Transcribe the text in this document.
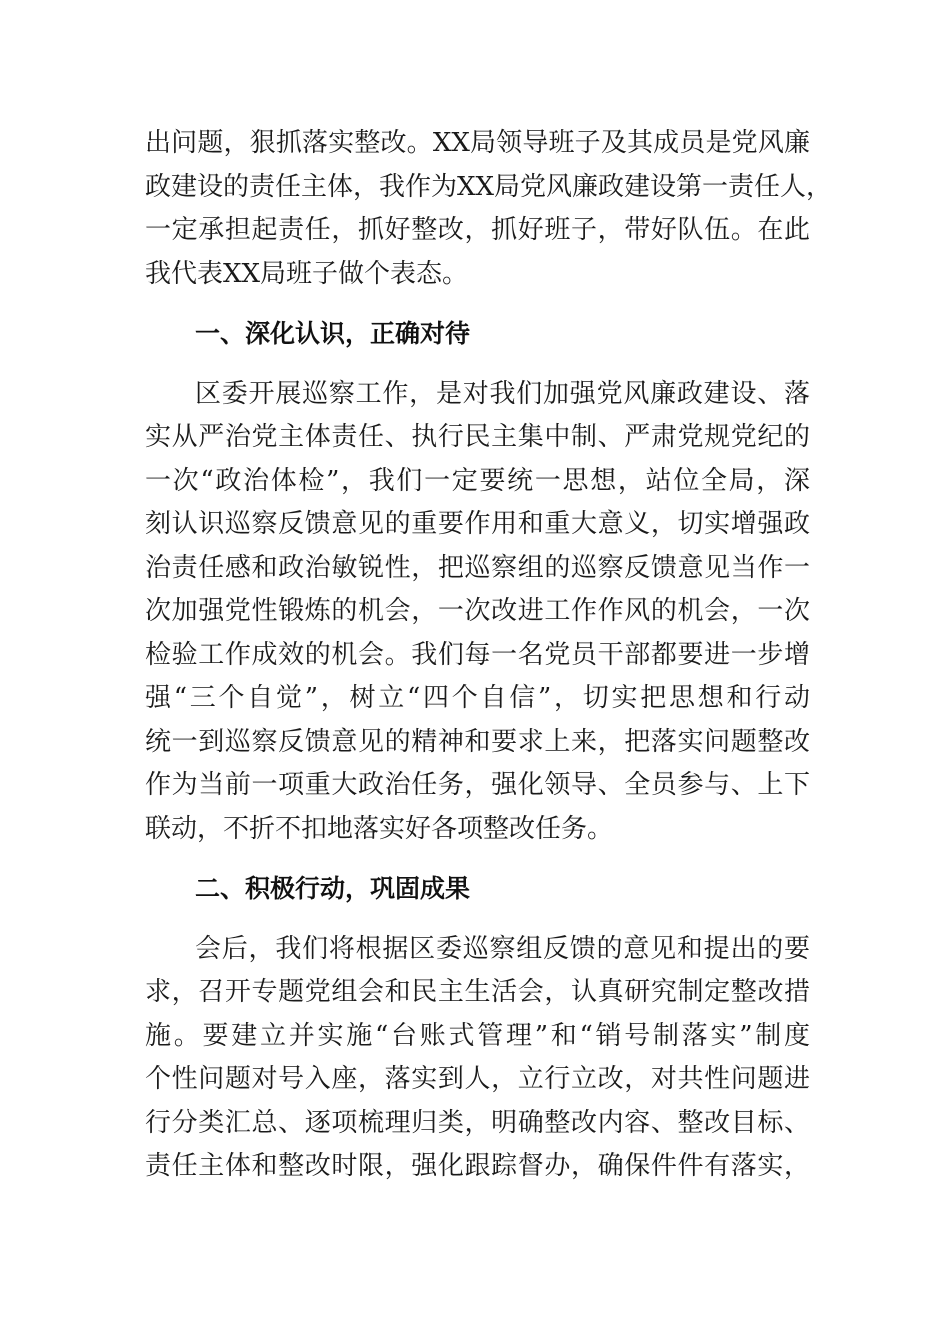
出问题，狠抓落实整改。XX局领导班子及其成员是党风廉
政建设的责任主体，我作为XX局党风廉政建设第一责任人，
一定承担起责任，抓好整改，抓好班子，带好队伍。在此
我代表XX局班子做个表态。
一、深化认识，正确对待
区委开展巡察工作，是对我们加强党风廉政建设、落
实从严治党主体责任、执行民主集中制、严肃党规党纪的
一次“政治体检”，我们一定要统一思想，站位全局，深
刻认识巡察反馈意见的重要作用和重大意义，切实增强政
治责任感和政治敏锐性，把巡察组的巡察反馈意见当作一
次加强党性锻炼的机会，一次改进工作作风的机会，一次
检验工作成效的机会。我们每一名党员干部都要进一步增
强“三个自觉”，树立“四个自信”，切实把思想和行动
统一到巡察反馈意见的精神和要求上来，把落实问题整改
作为当前一项重大政治任务，强化领导、全员参与、上下
联动，不折不扣地落实好各项整改任务。
二、积极行动，巩固成果
会后，我们将根据区委巡察组反馈的意见和提出的要
求，召开专题党组会和民主生活会，认真研究制定整改措
施。要建立并实施“台账式管理”和“销号制落实”制度
个性问题对号入座，落实到人，立行立改，对共性问题进
行分类汇总、逐项梳理归类，明确整改内容、整改目标、
责任主体和整改时限，强化跟踪督办，确保件件有落实，
